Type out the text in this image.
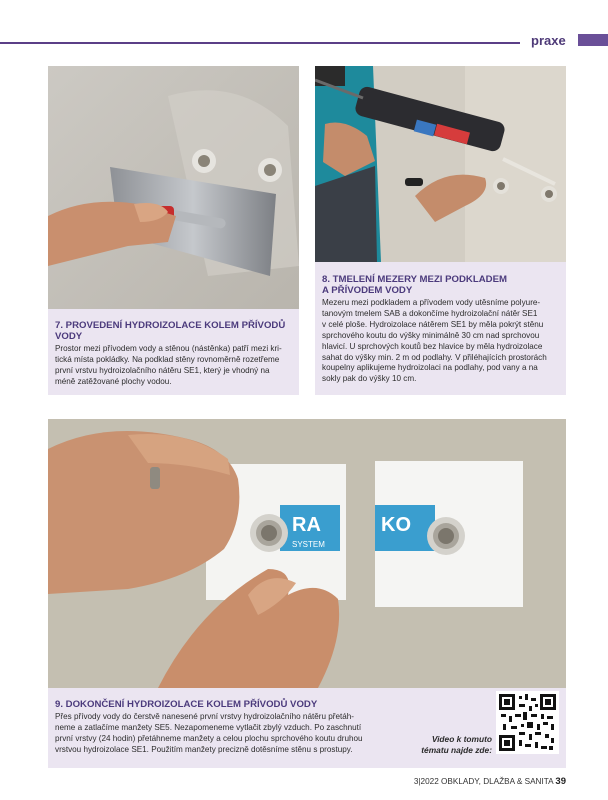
praxe
7. PROVEDENÍ HYDROIZOLACE KOLEM PŘÍVODŮ
VODY
Prostor mezi přívodem vody a stěnou (nástěnka) patří mezi kri-
tická místa pokládky. Na podklad stěny rovnoměrně rozetřeme
první vrstvu hydroizolačního nátěru SE1, který je vhodný na
méně zatěžované plochy vodou.
8. TMELENÍ MEZERY MEZI PODKLADEM
A PŘÍVODEM VODY
Mezeru mezi podkladem a přívodem vody utěsníme polyure-
tanovým tmelem SAB a dokončíme hydroizolační nátěr SE1
v celé ploše. Hydroizolace nátěrem SE1 by měla pokrýt stěnu
sprchového koutu do výšky minimálně 30 cm nad sprchovou
hlavicí. U sprchových koutů bez hlavice by měla hydroizolace
sahat do výšky min. 2 m od podlahy. V přiléhajících prostorách
koupelny aplikujeme hydroizolaci na podlahy, pod vany a na
sokly pak do výšky 10 cm.
RA
SYSTEM
KO
9. DOKONČENÍ HYDROIZOLACE KOLEM PŘÍVODŮ VODY
Přes přívody vody do čerstvě nanesené první vrstvy hydroizolačního nátěru přetáh-
neme a zatlačíme manžety SE5. Nezapomeneme vytlačit zbylý vzduch. Po zaschnutí
první vrstvy (24 hodin) přetáhneme manžety a celou plochu sprchového koutu druhou
vrstvou hydroizolace SE1. Použitím manžety precizně dotěsníme stěnu s prostupy.
Video k tomuto
tématu najde zde:
3|2022 OBKLADY, DLAŽBA & SANITA 39
